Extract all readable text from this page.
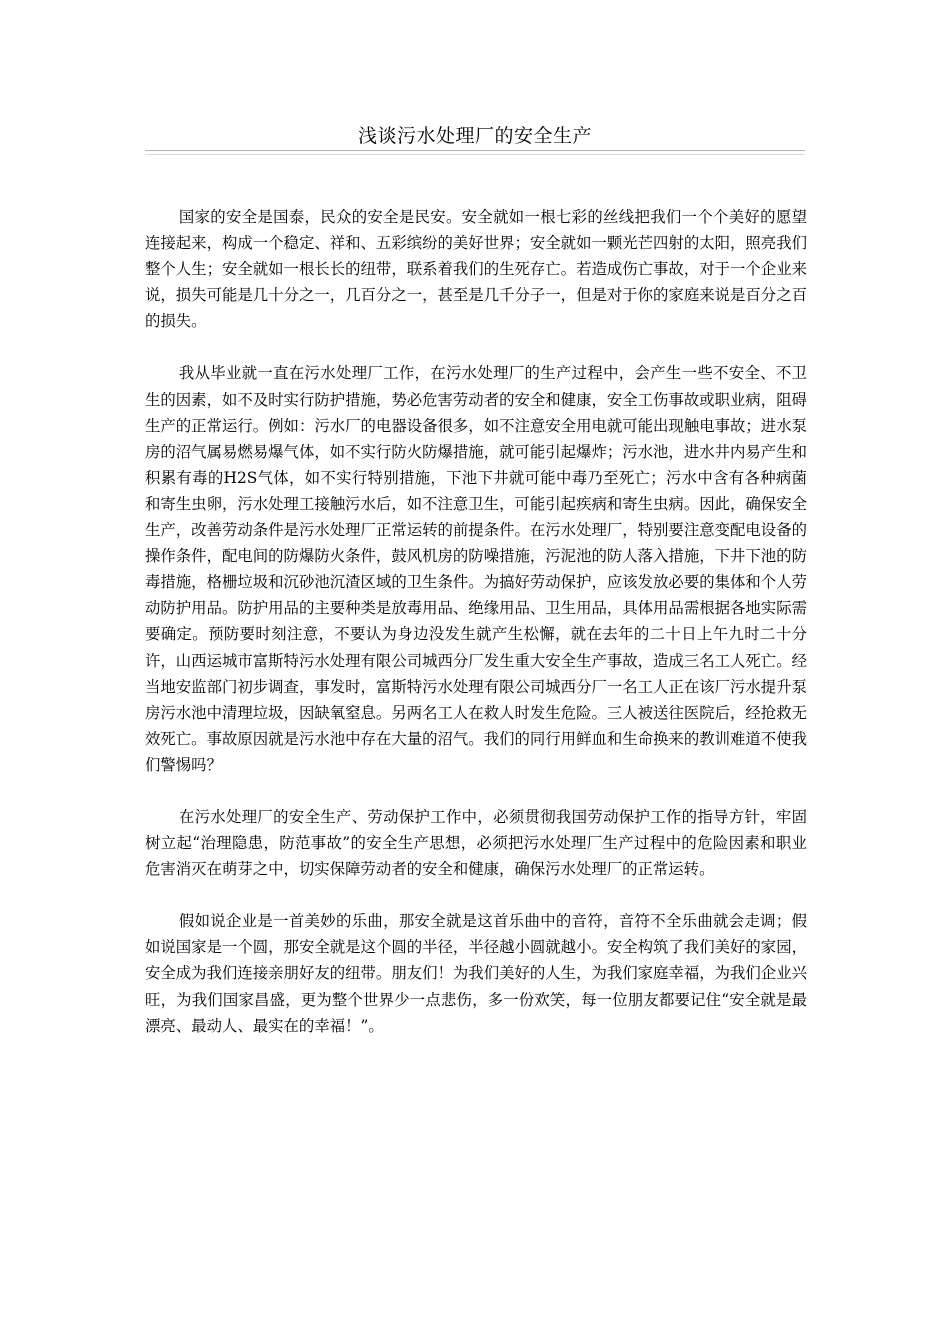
浅谈污水处理厂的安全生产

国家的安全是国泰，民众的安全是民安。安全就如一根七彩的丝线把我们一个个美好的愿望连接起来，构成一个稳定、祥和、五彩缤纷的美好世界；安全就如一颗光芒四射的太阳，照亮我们整个人生；安全就如一根长长的纽带，联系着我们的生死存亡。若造成伤亡事故，对于一个企业来说，损失可能是几十分之一，几百分之一，甚至是几千分子一，但是对于你的家庭来说是百分之百的损失。

我从毕业就一直在污水处理厂工作，在污水处理厂的生产过程中，会产生一些不安全、不卫生的因素，如不及时实行防护措施，势必危害劳动者的安全和健康，安全工伤事故或职业病，阻碍生产的正常运行。例如：污水厂的电器设备很多，如不注意安全用电就可能出现触电事故；进水泵房的沼气属易燃易爆气体，如不实行防火防爆措施，就可能引起爆炸；污水池，进水井内易产生和积累有毒的H2S气体，如不实行特别措施，下池下井就可能中毒乃至死亡；污水中含有各种病菌和寄生虫卵，污水处理工接触污水后，如不注意卫生，可能引起疾病和寄生虫病。因此，确保安全生产，改善劳动条件是污水处理厂正常运转的前提条件。在污水处理厂，特别要注意变配电设备的操作条件，配电间的防爆防火条件，鼓风机房的防噪措施，污泥池的防人落入措施，下井下池的防毒措施，格栅垃圾和沉砂池沉渣区域的卫生条件。为搞好劳动保护，应该发放必要的集体和个人劳动防护用品。防护用品的主要种类是放毒用品、绝缘用品、卫生用品，具体用品需根据各地实际需要确定。预防要时刻注意，不要认为身边没发生就产生松懈，就在去年的二十日上午九时二十分许，山西运城市富斯特污水处理有限公司城西分厂发生重大安全生产事故，造成三名工人死亡。经当地安监部门初步调查，事发时，富斯特污水处理有限公司城西分厂一名工人正在该厂污水提升泵房污水池中清理垃圾，因缺氧窒息。另两名工人在救人时发生危险。三人被送往医院后，经抢救无效死亡。事故原因就是污水池中存在大量的沼气。我们的同行用鲜血和生命换来的教训难道不使我们警惕吗？

在污水处理厂的安全生产、劳动保护工作中，必须贯彻我国劳动保护工作的指导方针，牢固树立起“治理隐患，防范事故”的安全生产思想，必须把污水处理厂生产过程中的危险因素和职业危害消灭在萌芽之中，切实保障劳动者的安全和健康，确保污水处理厂的正常运转。

假如说企业是一首美妙的乐曲，那安全就是这首乐曲中的音符，音符不全乐曲就会走调；假如说国家是一个圆，那安全就是这个圆的半径，半径越小圆就越小。安全构筑了我们美好的家园，安全成为我们连接亲朋好友的纽带。朋友们！为我们美好的人生，为我们家庭幸福，为我们企业兴旺，为我们国家昌盛，更为整个世界少一点悲伤，多一份欢笑，每一位朋友都要记住“安全就是最漂亮、最动人、最实在的幸福！”。
